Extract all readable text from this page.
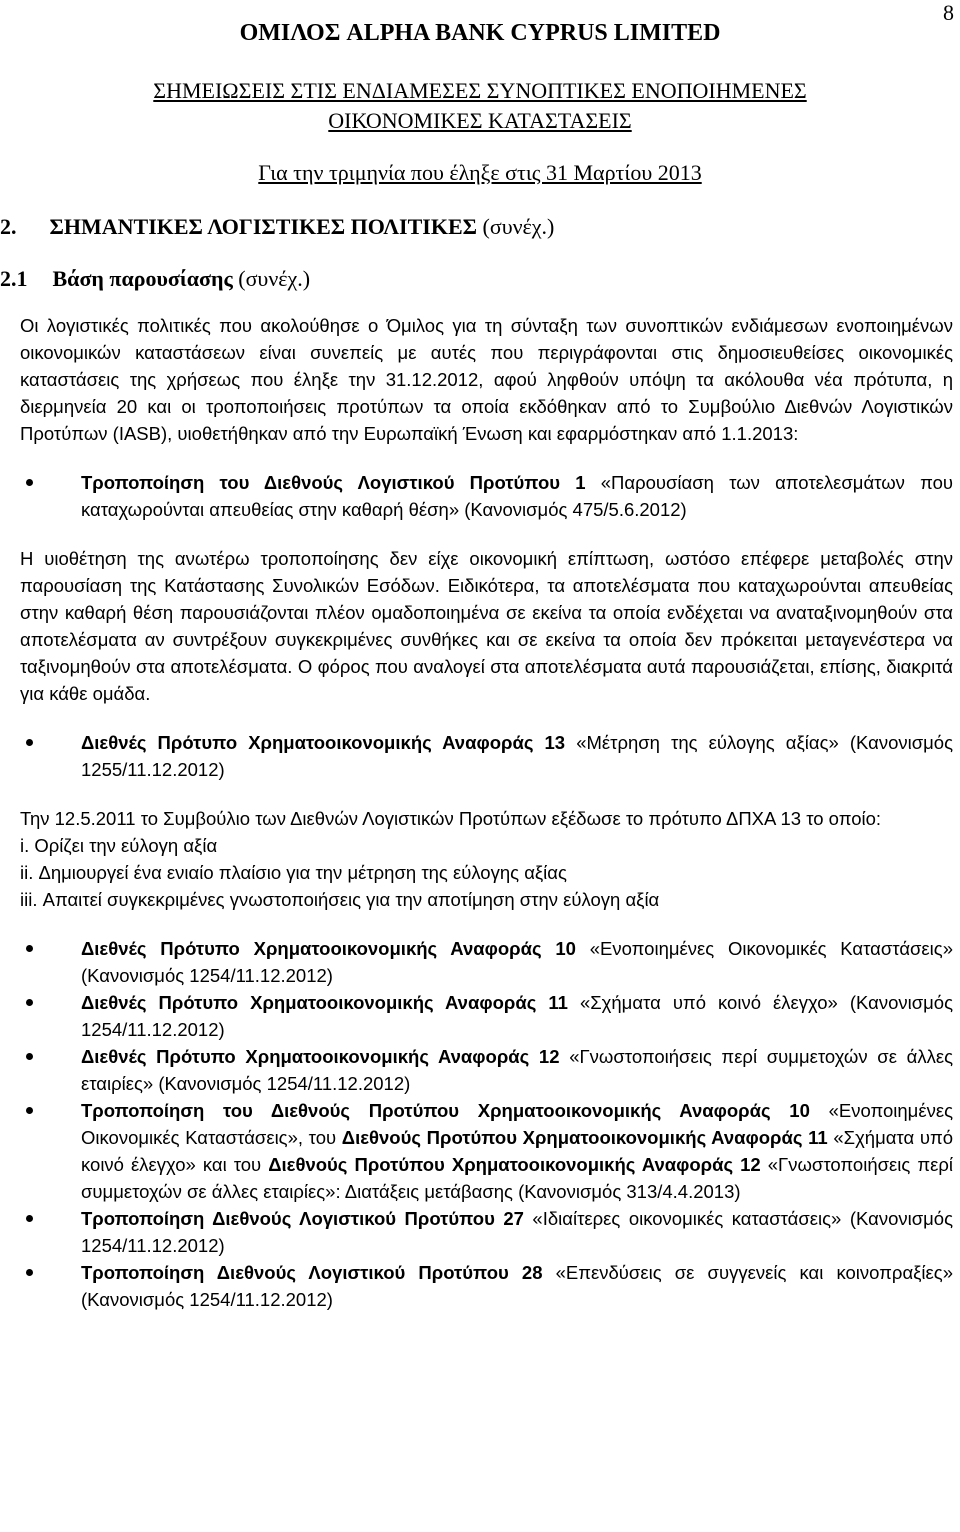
8
ΟΜΙΛΟΣ ALPHA BANK CYPRUS LIMITED
ΣΗΜΕΙΩΣΕΙΣ ΣΤΙΣ ΕΝΔΙΑΜΕΣΕΣ ΣΥΝΟΠΤΙΚΕΣ ΕΝΟΠΟΙΗΜΕΝΕΣ
ΟΙΚΟΝΟΜΙΚΕΣ ΚΑΤΑΣΤΑΣΕΙΣ
Για την τριμηνία που έληξε στις 31 Μαρτίου 2013
2. ΣΗΜΑΝΤΙΚΕΣ ΛΟΓΙΣΤΙΚΕΣ ΠΟΛΙΤΙΚΕΣ (συνέχ.)
2.1 Βάση παρουσίασης (συνέχ.)

Οι λογιστικές πολιτικές που ακολούθησε ο Όμιλος για τη σύνταξη των συνοπτικών ενδιάμεσων ενοποιημένων οικονομικών καταστάσεων είναι συνεπείς με αυτές που περιγράφονται στις δημοσιευθείσες οικονομικές καταστάσεις της χρήσεως που έληξε την 31.12.2012, αφού ληφθούν υπόψη τα ακόλουθα νέα πρότυπα, η διερμηνεία 20 και οι τροποποιήσεις προτύπων τα οποία εκδόθηκαν από το Συμβούλιο Διεθνών Λογιστικών Προτύπων (IASB), υιοθετήθηκαν από την Ευρωπαϊκή Ένωση και εφαρμόστηκαν από 1.1.2013:

Τροποποίηση του Διεθνούς Λογιστικού Προτύπου 1 «Παρουσίαση των αποτελεσμάτων που καταχωρούνται απευθείας στην καθαρή θέση» (Κανονισμός 475/5.6.2012)

Η υιοθέτηση της ανωτέρω τροποποίησης δεν είχε οικονομική επίπτωση, ωστόσο επέφερε μεταβολές στην παρουσίαση της Κατάστασης Συνολικών Εσόδων. Ειδικότερα, τα αποτελέσματα που καταχωρούνται απευθείας στην καθαρή θέση παρουσιάζονται πλέον ομαδοποιημένα σε εκείνα τα οποία ενδέχεται να αναταξινομηθούν στα αποτελέσματα αν συντρέξουν συγκεκριμένες συνθήκες και σε εκείνα τα οποία δεν πρόκειται μεταγενέστερα να ταξινομηθούν στα αποτελέσματα. Ο φόρος που αναλογεί στα αποτελέσματα αυτά παρουσιάζεται, επίσης, διακριτά για κάθε ομάδα.

Διεθνές Πρότυπο Χρηματοοικονομικής Αναφοράς 13 «Μέτρηση της εύλογης αξίας» (Κανονισμός 1255/11.12.2012)

Την 12.5.2011 το Συμβούλιο των Διεθνών Λογιστικών Προτύπων εξέδωσε το πρότυπο ΔΠΧΑ 13 το οποίο:

i. Ορίζει την εύλογη αξία
ii. Δημιουργεί ένα ενιαίο πλαίσιο για την μέτρηση της εύλογης αξίας
iii. Απαιτεί συγκεκριμένες γνωστοποιήσεις για την αποτίμηση στην εύλογη αξία
Διεθνές Πρότυπο Χρηματοοικονομικής Αναφοράς 10 «Ενοποιημένες Οικονομικές Καταστάσεις» (Κανονισμός 1254/11.12.2012)
Διεθνές Πρότυπο Χρηματοοικονομικής Αναφοράς 11 «Σχήματα υπό κοινό έλεγχο» (Κανονισμός 1254/11.12.2012)
Διεθνές Πρότυπο Χρηματοοικονομικής Αναφοράς 12 «Γνωστοποιήσεις περί συμμετοχών σε άλλες εταιρίες» (Κανονισμός 1254/11.12.2012)
Τροποποίηση του Διεθνούς Προτύπου Χρηματοοικονομικής Αναφοράς 10 «Ενοποιημένες Οικονομικές Καταστάσεις», του Διεθνούς Προτύπου Χρηματοοικονομικής Αναφοράς 11 «Σχήματα υπό κοινό έλεγχο» και του Διεθνούς Προτύπου Χρηματοοικονομικής Αναφοράς 12 «Γνωστοποιήσεις περί συμμετοχών σε άλλες εταιρίες»: Διατάξεις μετάβασης (Κανονισμός 313/4.4.2013)
Τροποποίηση Διεθνούς Λογιστικού Προτύπου 27 «Ιδιαίτερες οικονομικές καταστάσεις» (Κανονισμός 1254/11.12.2012)
Τροποποίηση Διεθνούς Λογιστικού Προτύπου 28 «Επενδύσεις σε συγγενείς και κοινοπραξίες» (Κανονισμός 1254/11.12.2012)
